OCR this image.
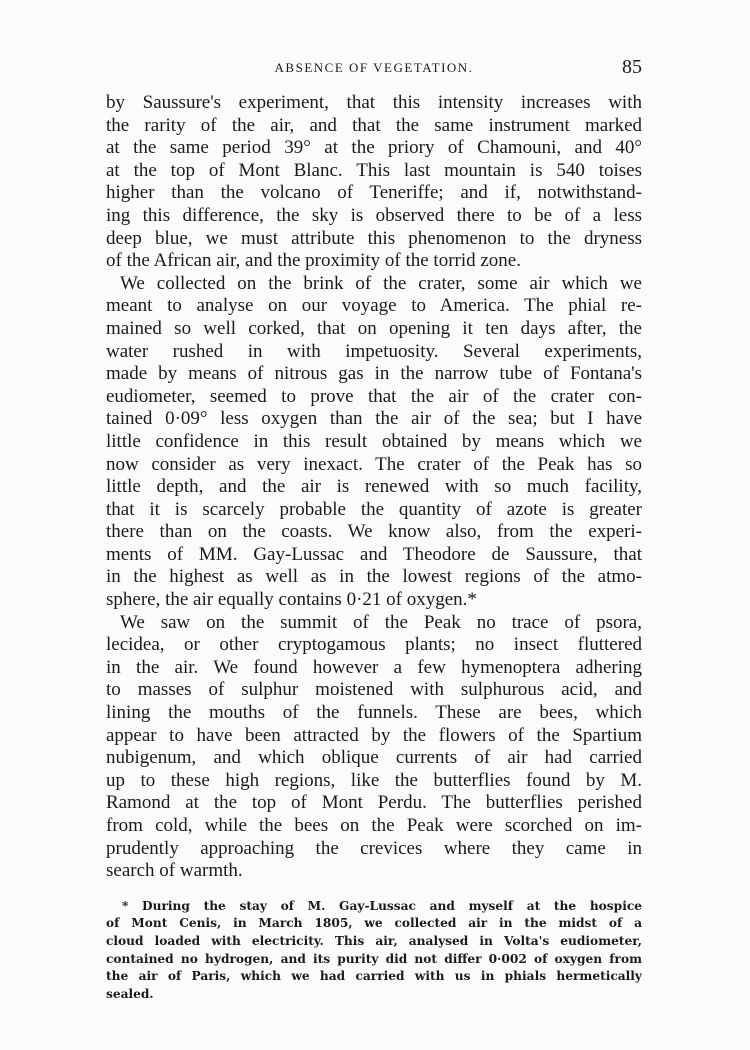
ABSENCE OF VEGETATION.	85
by Saussure's experiment, that this intensity increases with
the rarity of the air, and that the same instrument marked
at the same period 39° at the priory of Chamouni, and 40°
at the top of Mont Blanc. This last mountain is 540 toises
higher than the volcano of Teneriffe; and if, notwithstand-
ing this difference, the sky is observed there to be of a less
deep blue, we must attribute this phenomenon to the dryness
of the African air, and the proximity of the torrid zone.
We collected on the brink of the crater, some air which we
meant to analyse on our voyage to America. The phial re-
mained so well corked, that on opening it ten days after, the
water rushed in with impetuosity. Several experiments,
made by means of nitrous gas in the narrow tube of Fontana's
eudiometer, seemed to prove that the air of the crater con-
tained 0·09° less oxygen than the air of the sea; but I have
little confidence in this result obtained by means which we
now consider as very inexact. The crater of the Peak has so
little depth, and the air is renewed with so much facility,
that it is scarcely probable the quantity of azote is greater
there than on the coasts. We know also, from the experi-
ments of MM. Gay-Lussac and Theodore de Saussure, that
in the highest as well as in the lowest regions of the atmo-
sphere, the air equally contains 0·21 of oxygen.*
We saw on the summit of the Peak no trace of psora,
lecidea, or other cryptogamous plants; no insect fluttered
in the air. We found however a few hymenoptera adhering
to masses of sulphur moistened with sulphurous acid, and
lining the mouths of the funnels. These are bees, which
appear to have been attracted by the flowers of the Spartium
nubigenum, and which oblique currents of air had carried
up to these high regions, like the butterflies found by M.
Ramond at the top of Mont Perdu. The butterflies perished
from cold, while the bees on the Peak were scorched on im-
prudently approaching the crevices where they came in
search of warmth.
* During the stay of M. Gay-Lussac and myself at the hospice
of Mont Cenis, in March 1805, we collected air in the midst of a
cloud loaded with electricity. This air, analysed in Volta's eudiometer,
contained no hydrogen, and its purity did not differ 0·002 of oxygen from
the air of Paris, which we had carried with us in phials hermetically
sealed.
